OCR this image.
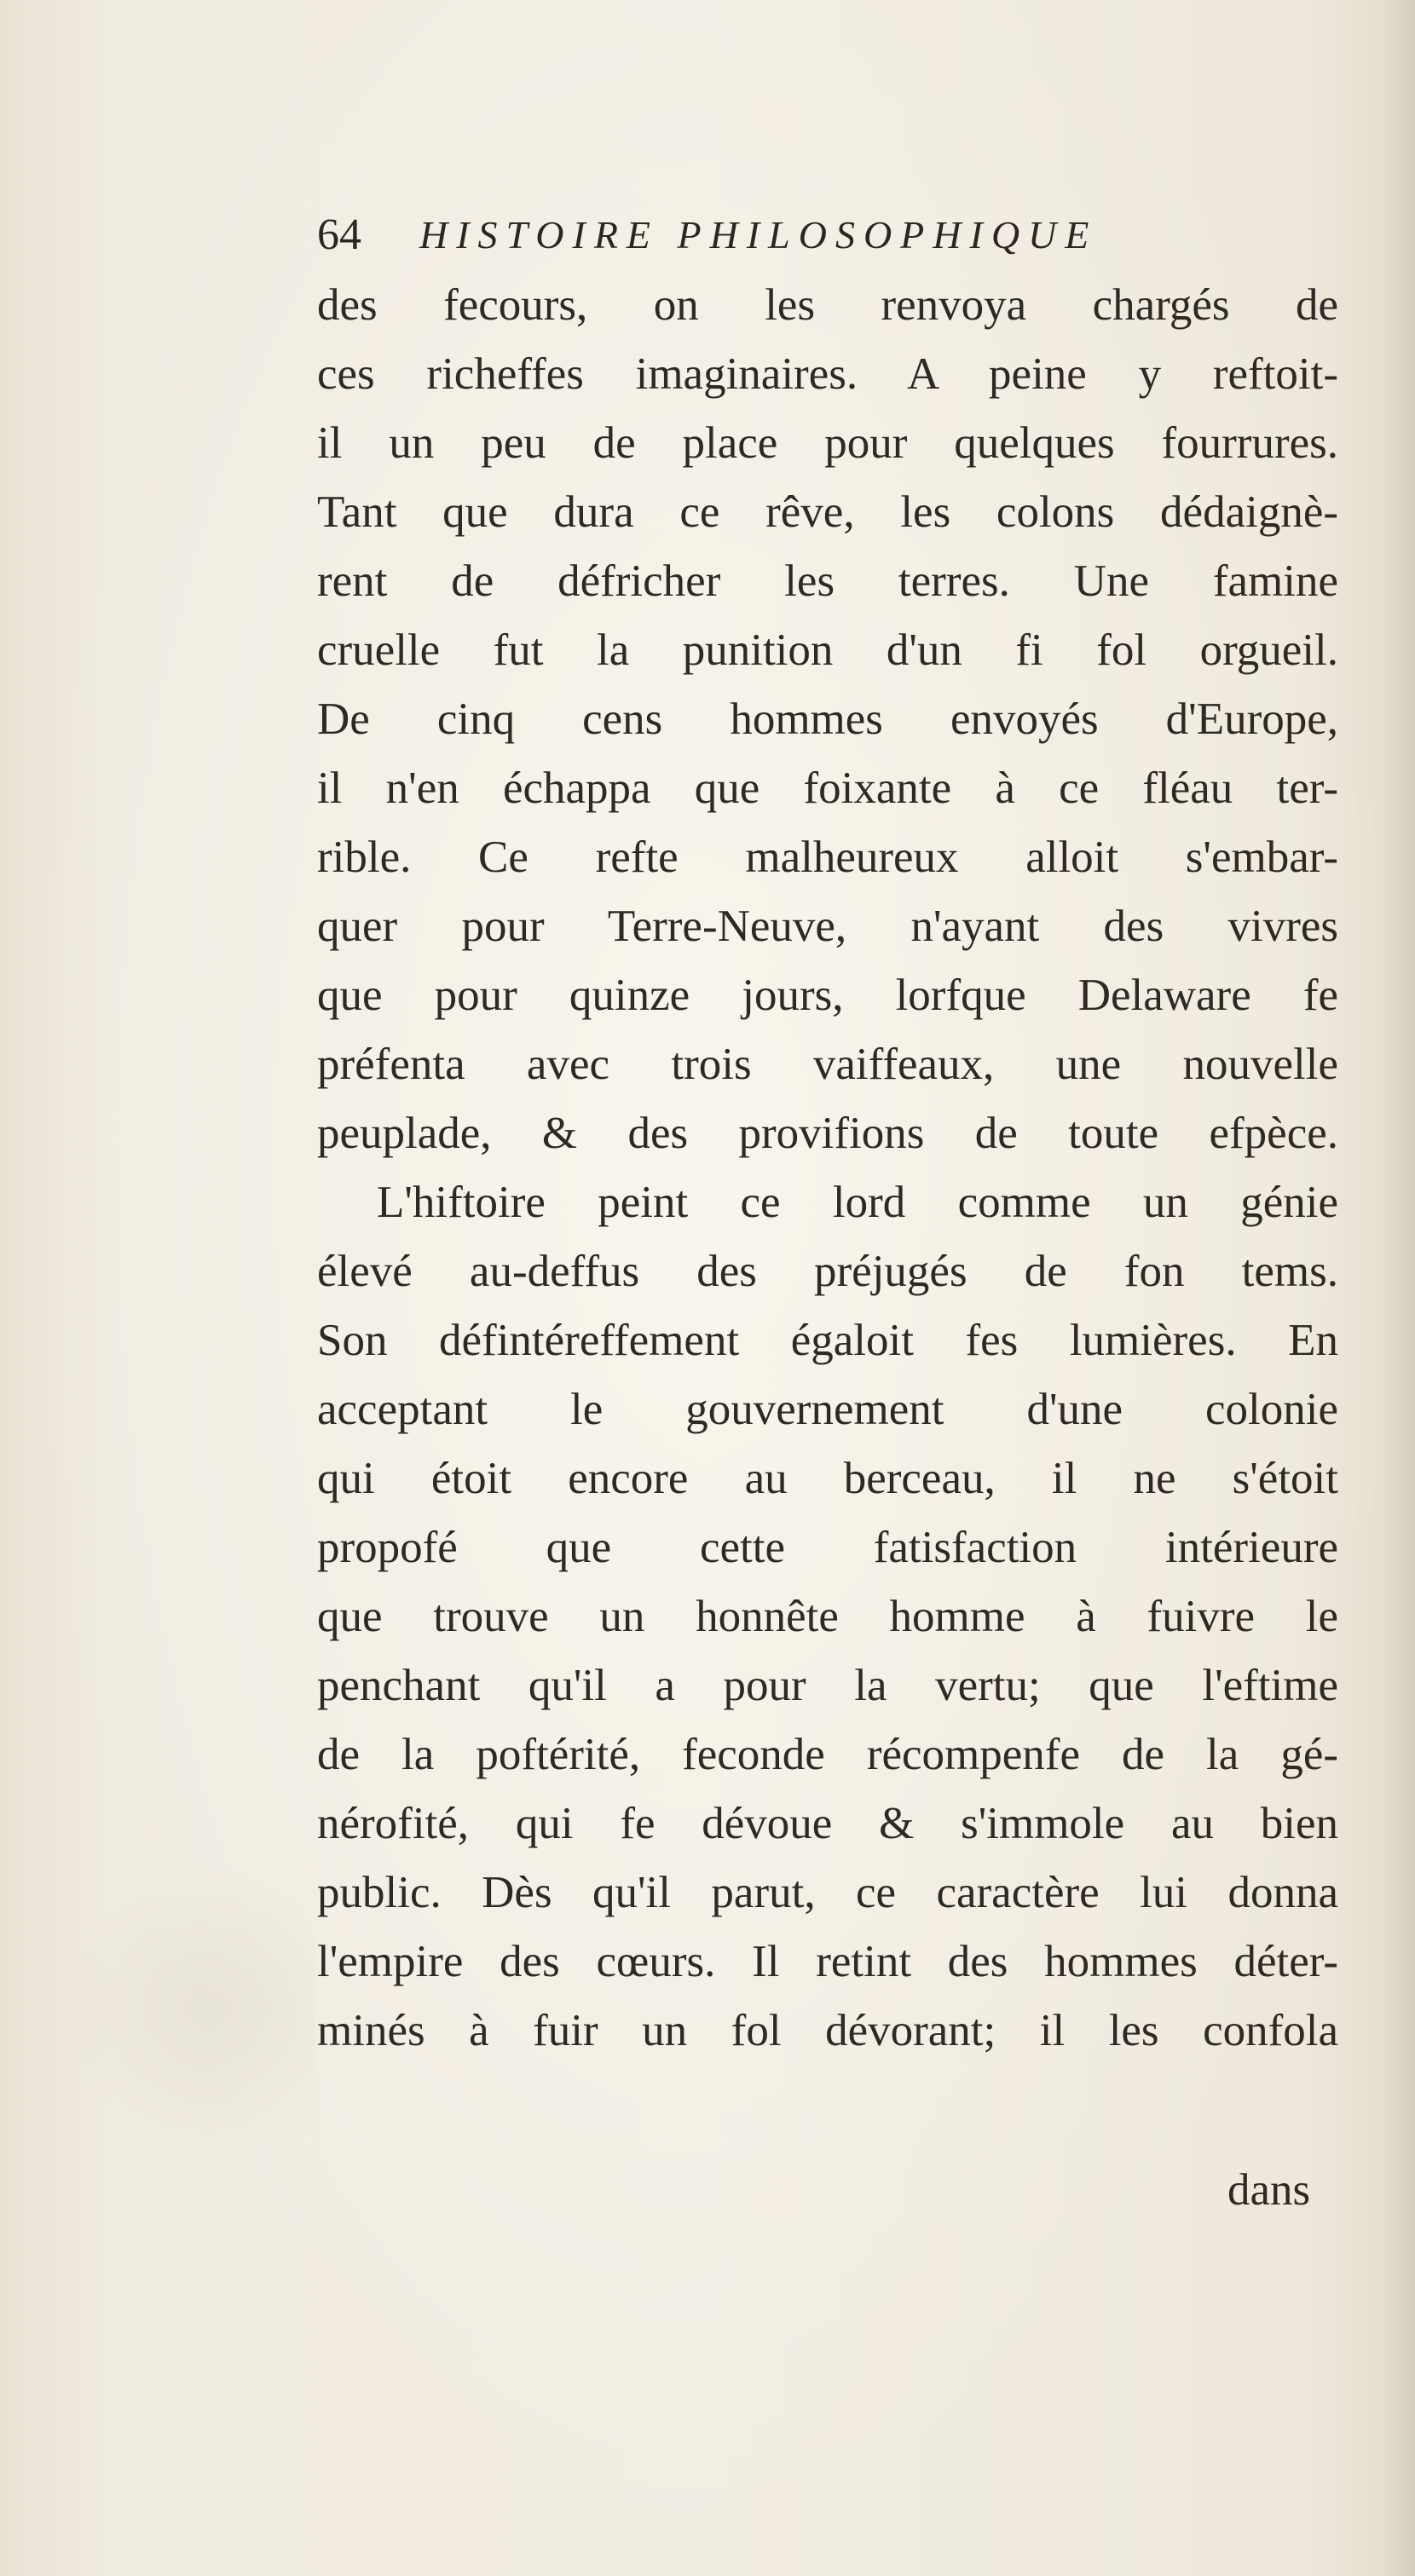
64 HISTOIRE PHILOSOPHIQUE
des fecours, on les renvoya chargés de
ces richeffes imaginaires. A peine y reftoit-
il un peu de place pour quelques fourrures.
Tant que dura ce rêve, les colons dédaignè-
rent de défricher les terres. Une famine
cruelle fut la punition d'un fi fol orgueil.
De cinq cens hommes envoyés d'Europe,
il n'en échappa que foixante à ce fléau ter-
rible. Ce refte malheureux alloit s'embar-
quer pour Terre-Neuve, n'ayant des vivres
que pour quinze jours, lorfque Delaware fe
préfenta avec trois vaiffeaux, une nouvelle
peuplade, & des provifions de toute efpèce.
L'hiftoire peint ce lord comme un génie
élevé au-deffus des préjugés de fon tems.
Son défintéreffement égaloit fes lumières. En
acceptant le gouvernement d'une colonie
qui étoit encore au berceau, il ne s'étoit
propofé que cette fatisfaction intérieure
que trouve un honnête homme à fuivre le
penchant qu'il a pour la vertu; que l'eftime
de la poftérité, feconde récompenfe de la gé-
nérofité, qui fe dévoue & s'immole au bien
public. Dès qu'il parut, ce caractère lui donna
l'empire des cœurs. Il retint des hommes déter-
minés à fuir un fol dévorant; il les confola
dans
